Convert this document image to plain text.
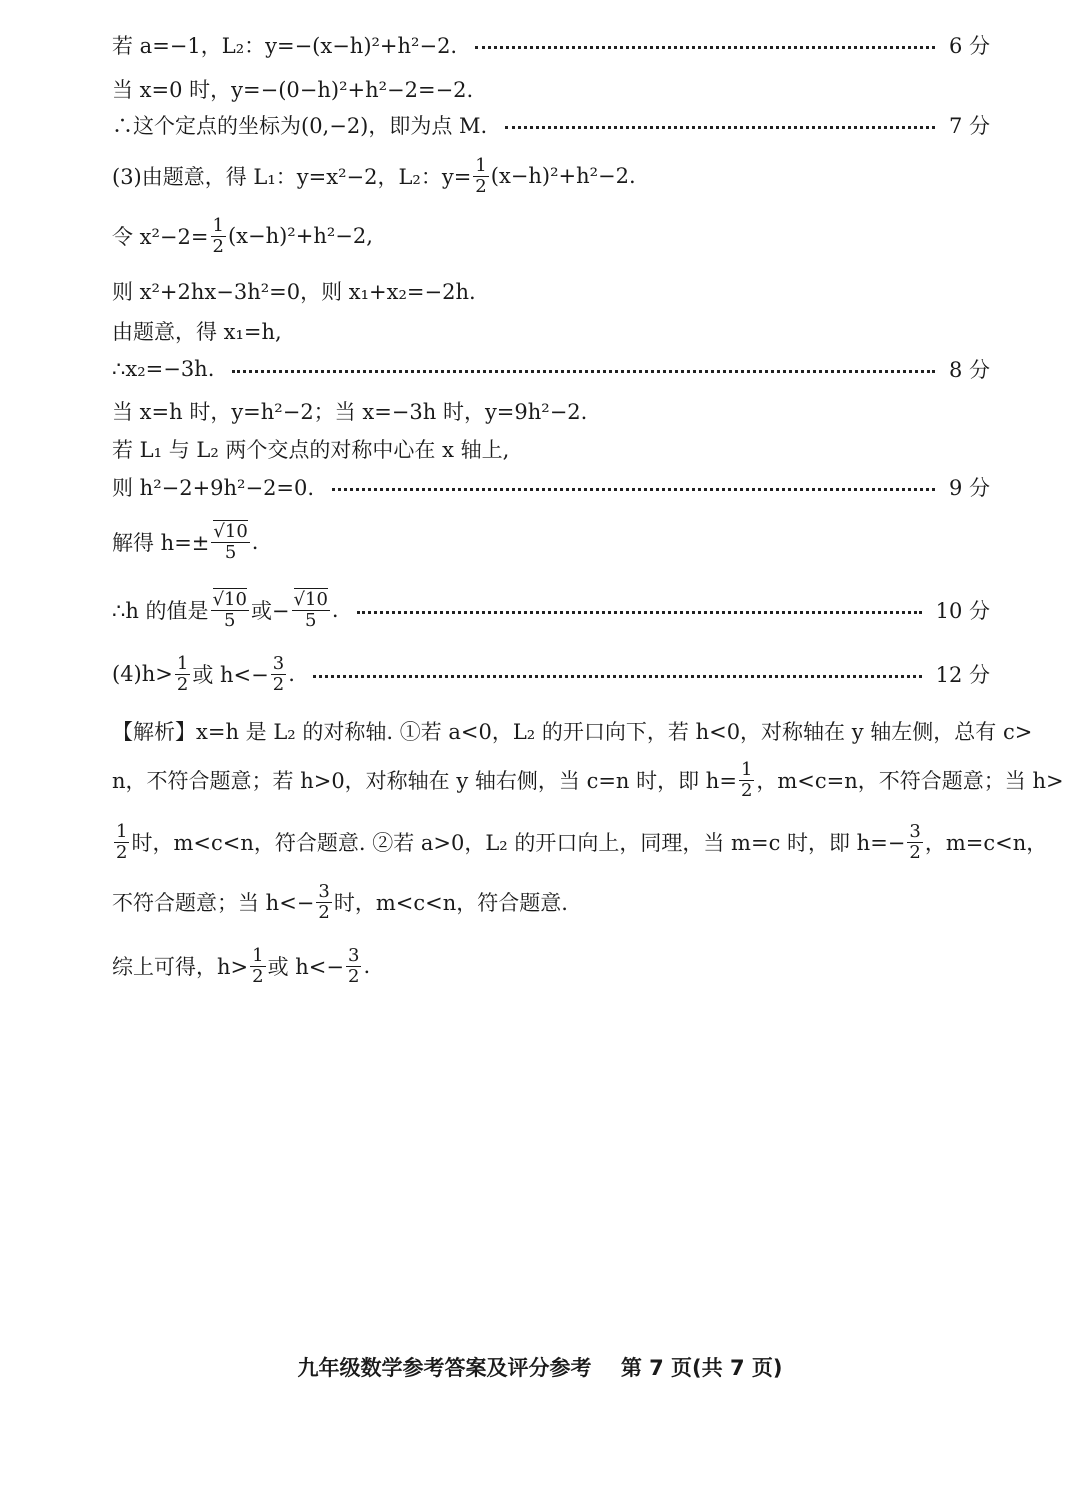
若 a=−1，L₂：y=−(x−h)²+h²−2.	6 分
当 x=0 时，y=−(0−h)²+h²−2=−2.
∴这个定点的坐标为(0,−2)，即为点 M.	7 分
(3)由题意，得 L₁：y=x²−2，L₂：$y= \frac{1}{2} (x-h)^2+h^2-2$.
令 $x^2-2= \frac{1}{2} (x-h)^2+h^2-2$,
则 x²+2hx−3h²=0，则 x₁+x₂=−2h.
由题意，得 x₁=h,
∴x₂=−3h.	8 分
当 x=h 时，y=h²−2；当 x=−3h 时，y=9h²−2.
若 L₁ 与 L₂ 两个交点的对称中心在 x 轴上,
则 h²−2+9h²−2=0.	9 分
解得 $h=\pm \frac{√10}{5}$ .
∴h 的值是 $\frac{√10}{5}$ 或− $\frac{√10}{5}$ .	10 分
$(4)h> \frac{1}{2}$ 或 $h<- \frac{3}{2}$ .	12 分
【解析】x=h 是 L₂ 的对称轴. ①若 a<0，L₂ 的开口向下，若 h<0，对称轴在 y 轴左侧，总有 c>
n，不符合题意；若 h>0，对称轴在 y 轴右侧，当 c=n 时，即 $h= \frac{1}{2}$ ，m<c=n，不符合题意；当 h>
$\frac{1}{2}$ 时，m<c<n，符合题意. ②若 a>0，L₂ 的开口向上，同理，当 m=c 时，即 $h=- \frac{3}{2}$ ，m=c<n，
不符合题意；当 $h<- \frac{3}{2}$ 时，m<c<n，符合题意.
综上可得，$h> \frac{1}{2}$ 或 $h<- \frac{3}{2}$ .
九年级数学参考答案及评分参考 第 7 页(共 7 页)
